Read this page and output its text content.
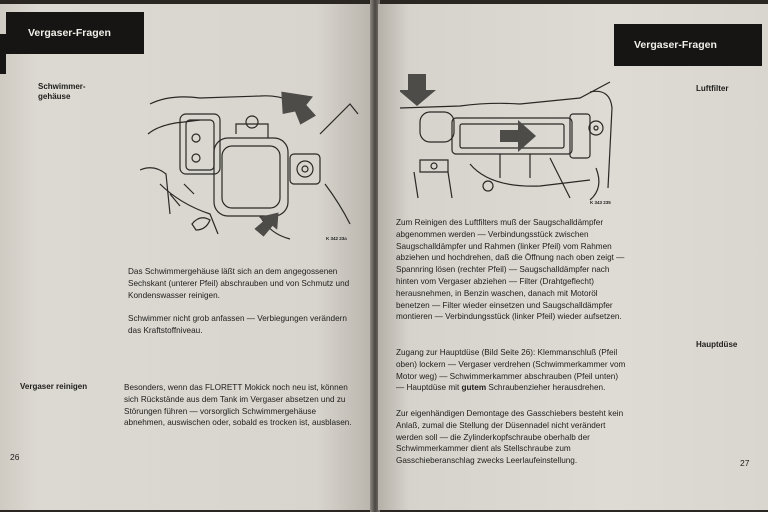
Vergaser-Fragen
Schwimmer-
gehäuse
K 342 23a
Das Schwimmergehäuse läßt sich an dem angegossenen Sechskant (unterer Pfeil) abschrauben und von Schmutz und Kondenswasser reinigen.
Schwimmer nicht grob anfassen — Verbiegungen verändern das Kraftstoffniveau.
Vergaser reinigen	Besonders, wenn das FLORETT Mokick noch neu ist, können sich Rückstände aus dem Tank im Vergaser absetzen und zu Störungen führen — vorsorglich Schwimmergehäuse abnehmen, auswischen oder, sobald es trocken ist, ausblasen.
26
Vergaser-Fragen
Luftfilter
K 343 235
Zum Reinigen des Luftfilters muß der Saugschalldämpfer abgenommen werden — Verbindungsstück zwischen Saugschalldämpfer und Rahmen (linker Pfeil) vom Rahmen abziehen und hochdrehen, daß die Öffnung nach oben zeigt — Spannring lösen (rechter Pfeil) — Saugschalldämpfer nach hinten vom Vergaser abziehen — Filter (Drahtgeflecht) herausnehmen, in Benzin waschen, danach mit Motoröl benetzen — Filter wieder einsetzen und Saugschalldämpfer montieren — Verbindungsstück (linker Pfeil) wieder aufsetzen.
Hauptdüse
Zugang zur Hauptdüse (Bild Seite 26): Klemmanschluß (Pfeil oben) lockern — Vergaser verdrehen (Schwimmerkammer vom Motor weg) — Schwimmerkammer abschrauben (Pfeil unten) — Hauptdüse mit gutem Schraubenzieher herausdrehen.
Zur eigenhändigen Demontage des Gasschiebers besteht kein Anlaß, zumal die Stellung der Düsennadel nicht verändert werden soll — die Zylinderkopfschraube oberhalb der Schwimmerkammer dient als Stellschraube zum Gasschieberanschlag zwecks Leerlaufeinstellung.	27
